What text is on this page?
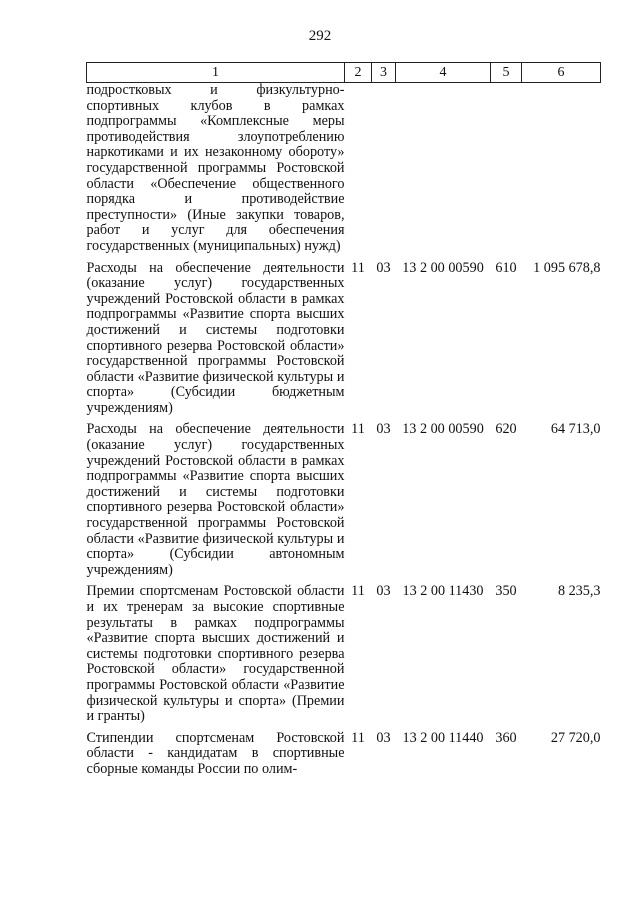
292
1	2	3	4	5	6
подростковых и физкультурно-спортивных клубов в рамках подпрограммы «Комплексные меры противодействия злоупотреблению наркотиками и их незаконному обороту» государственной программы Ростовской области «Обеспечение общественного порядка и противодействие преступности» (Иные закупки товаров, работ и услуг для обеспечения государственных (муниципальных) нужд)					
Расходы на обеспечение деятельности (оказание услуг) государственных учреждений Ростовской области в рамках подпрограммы «Развитие спорта высших достижений и системы подготовки спортивного резерва Ростовской области» государственной программы Ростовской области «Развитие физической культуры и спорта» (Субсидии бюджетным учреждениям)	11	03	13 2 00 00590	610	1 095 678,8
Расходы на обеспечение деятельности (оказание услуг) государственных учреждений Ростовской области в рамках подпрограммы «Развитие спорта высших достижений и системы подготовки спортивного резерва Ростовской области» государственной программы Ростовской области «Развитие физической культуры и спорта» (Субсидии автономным учреждениям)	11	03	13 2 00 00590	620	64 713,0
Премии спортсменам Ростовской области и их тренерам за высокие спортивные результаты в рамках подпрограммы «Развитие спорта высших достижений и системы подготовки спортивного резерва Ростовской области» государственной программы Ростовской области «Развитие физической культуры и спорта» (Премии и гранты)	11	03	13 2 00 11430	350	8 235,3
Стипендии спортсменам Ростовской области - кандидатам в спортивные сборные команды России по олим-	11	03	13 2 00 11440	360	27 720,0
